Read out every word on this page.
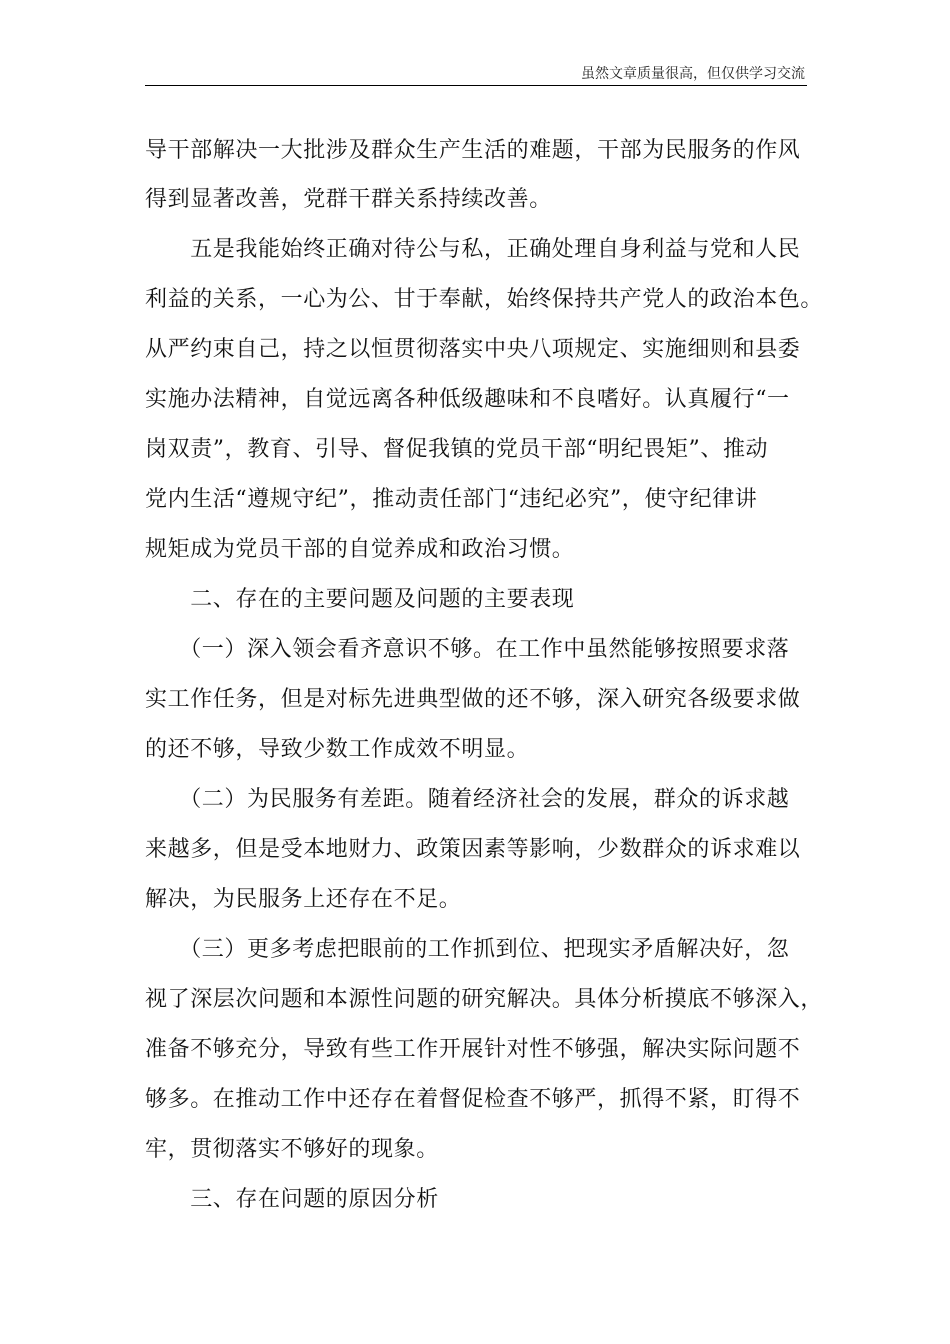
虽然文章质量很高，但仅供学习交流
导干部解决一大批涉及群众生产生活的难题，干部为民服务的作风
得到显著改善，党群干群关系持续改善。
　　五是我能始终正确对待公与私，正确处理自身利益与党和人民
利益的关系，一心为公、甘于奉献，始终保持共产党人的政治本色。
从严约束自己，持之以恒贯彻落实中央八项规定、实施细则和县委
实施办法精神，自觉远离各种低级趣味和不良嗜好。认真履行“一
岗双责”，教育、引导、督促我镇的党员干部“明纪畏矩”、推动
党内生活“遵规守纪”，推动责任部门“违纪必究”，使守纪律讲
规矩成为党员干部的自觉养成和政治习惯。
　　二、存在的主要问题及问题的主要表现
　　（一）深入领会看齐意识不够。在工作中虽然能够按照要求落
实工作任务，但是对标先进典型做的还不够，深入研究各级要求做
的还不够，导致少数工作成效不明显。
　　（二）为民服务有差距。随着经济社会的发展，群众的诉求越
来越多，但是受本地财力、政策因素等影响，少数群众的诉求难以
解决，为民服务上还存在不足。
　　（三）更多考虑把眼前的工作抓到位、把现实矛盾解决好，忽
视了深层次问题和本源性问题的研究解决。具体分析摸底不够深入，
准备不够充分，导致有些工作开展针对性不够强，解决实际问题不
够多。在推动工作中还存在着督促检查不够严，抓得不紧，盯得不
牢，贯彻落实不够好的现象。
　　三、存在问题的原因分析
